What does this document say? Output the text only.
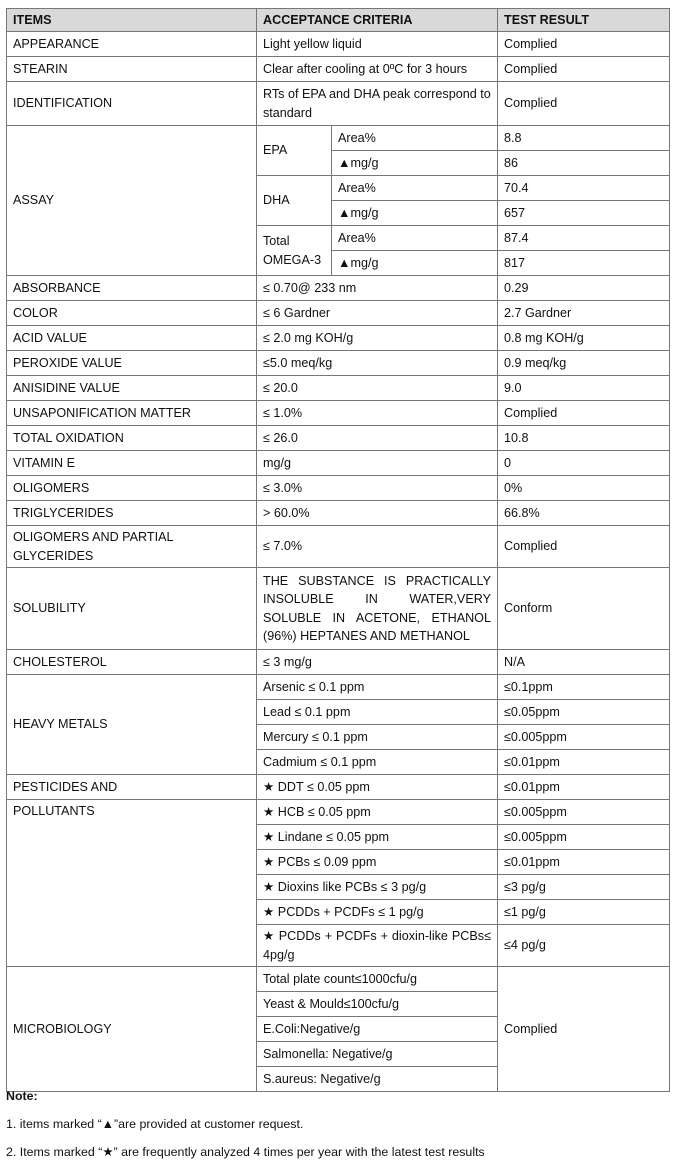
ITEMS	ACCEPTANCE CRITERIA		TEST RESULT
APPEARANCE	Light yellow liquid		Complied
STEARIN	Clear after cooling at 0ºC for 3 hours		Complied
IDENTIFICATION	RTs of EPA and DHA peak correspond to standard		Complied
ASSAY	EPA	Area%	8.8
		▲mg/g	86
	DHA	Area%	70.4
		▲mg/g	657
	Total OMEGA-3	Area%	87.4
		▲mg/g	817
ABSORBANCE	≤ 0.70@ 233 nm		0.29
COLOR	≤ 6 Gardner		2.7 Gardner
ACID VALUE	≤ 2.0 mg KOH/g		0.8 mg KOH/g
PEROXIDE VALUE	≤5.0 meq/kg		0.9 meq/kg
ANISIDINE VALUE	≤ 20.0		9.0
UNSAPONIFICATION MATTER	≤ 1.0%		Complied
TOTAL OXIDATION	≤ 26.0		10.8
VITAMIN E	mg/g		0
OLIGOMERS	≤ 3.0%		0%
TRIGLYCERIDES	> 60.0%		66.8%
OLIGOMERS AND PARTIAL GLYCERIDES	≤ 7.0%		Complied
SOLUBILITY	THE SUBSTANCE IS PRACTICALLY INSOLUBLE IN WATER,VERY SOLUBLE IN ACETONE, ETHANOL (96%) HEPTANES AND METHANOL		Conform
CHOLESTEROL	≤ 3 mg/g		N/A
HEAVY METALS	Arsenic ≤ 0.1 ppm		≤0.1ppm
	Lead ≤ 0.1 ppm		≤0.05ppm
	Mercury ≤ 0.1 ppm		≤0.005ppm
	Cadmium ≤ 0.1 ppm		≤0.01ppm
PESTICIDES AND	★ DDT ≤ 0.05 ppm		≤0.01ppm
POLLUTANTS	★ HCB ≤ 0.05 ppm		≤0.005ppm
	★ Lindane ≤ 0.05 ppm		≤0.005ppm
	★ PCBs ≤ 0.09 ppm		≤0.01ppm
	★ Dioxins like PCBs ≤ 3 pg/g		≤3 pg/g
	★ PCDDs + PCDFs ≤ 1 pg/g		≤1 pg/g
	★ PCDDs + PCDFs + dioxin-like PCBs≤ 4pg/g		≤4 pg/g
MICROBIOLOGY	Total plate count≤1000cfu/g		Complied
	Yeast & Mould≤100cfu/g		
	E.Coli:Negative/g		
	Salmonella: Negative/g		
	S.aureus: Negative/g		
Note:
1. items marked “▲”are provided at customer request.
2. Items marked “★” are frequently analyzed 4 times per year with the latest test results
